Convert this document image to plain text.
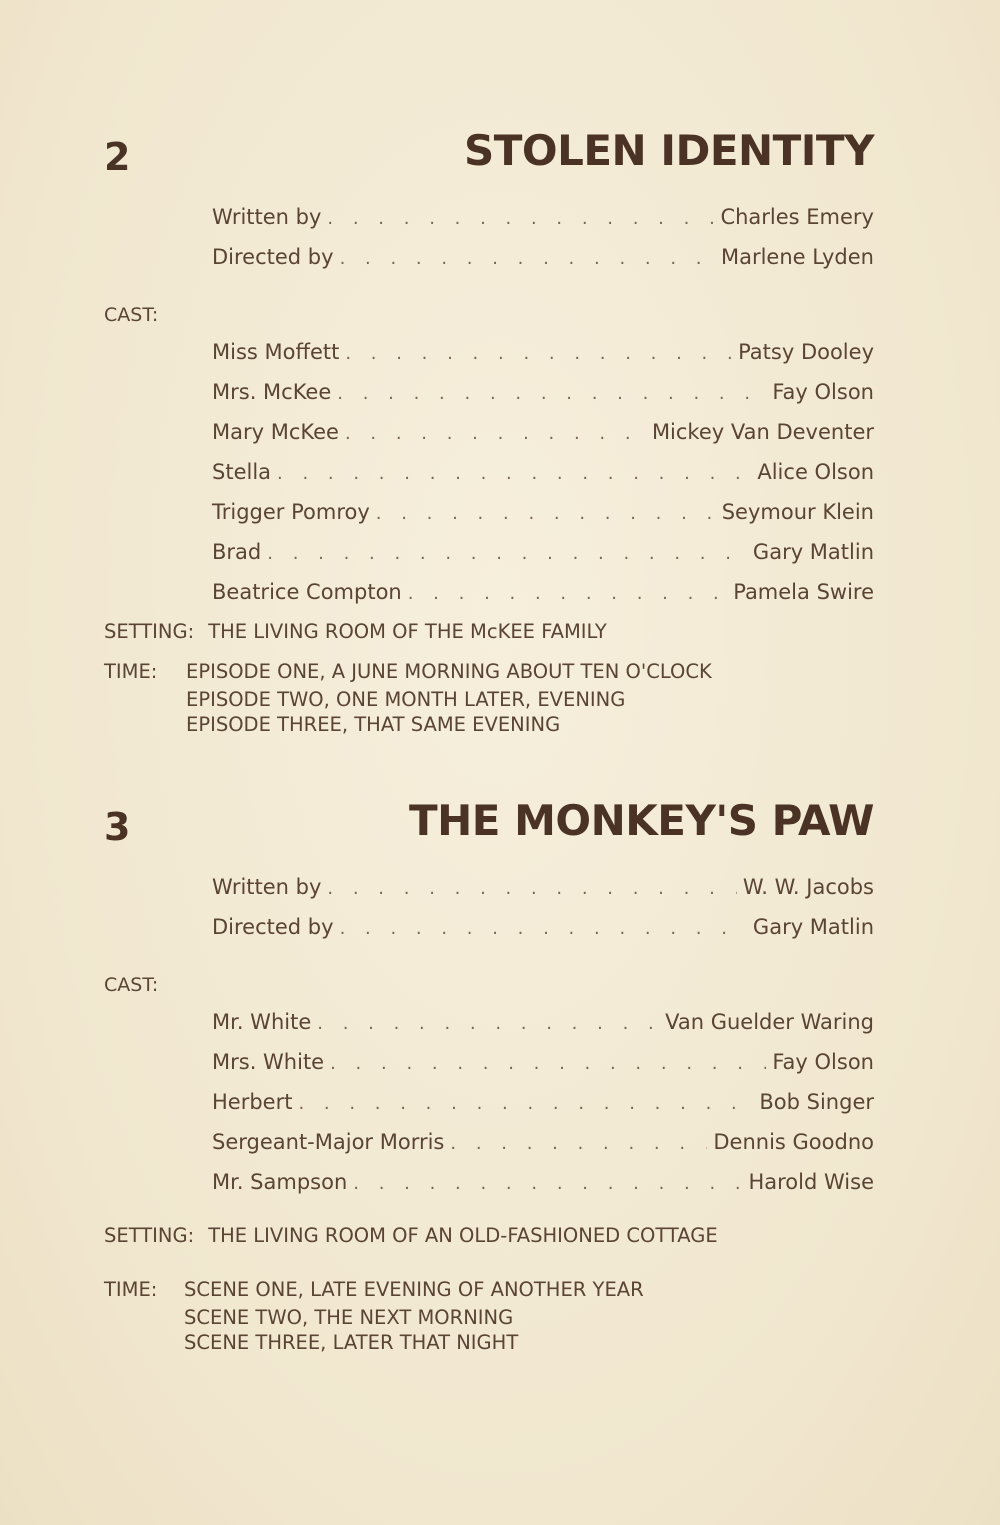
2	STOLEN IDENTITY
Written by . . .	Charles Emery
Directed by . . .	Marlene Lyden
CAST:
Miss Moffett . . .	Patsy Dooley
Mrs. McKee . . .	Fay Olson
Mary McKee . . .	Mickey Van Deventer
Stella . . .	Alice Olson
Trigger Pomroy . . .	Seymour Klein
Brad . . .	Gary Matlin
Beatrice Compton . . .	Pamela Swire
SETTING: THE LIVING ROOM OF THE McKEE FAMILY
TIME: EPISODE ONE, A JUNE MORNING ABOUT TEN O'CLOCK
EPISODE TWO, ONE MONTH LATER, EVENING
EPISODE THREE, THAT SAME EVENING
3	THE MONKEY'S PAW
Written by . . .	W. W. Jacobs
Directed by . . .	Gary Matlin
CAST:
Mr. White . . .	Van Guelder Waring
Mrs. White . . .	Fay Olson
Herbert . . .	Bob Singer
Sergeant-Major Morris . . .	Dennis Goodno
Mr. Sampson . . .	Harold Wise
SETTING: THE LIVING ROOM OF AN OLD-FASHIONED COTTAGE
TIME: SCENE ONE, LATE EVENING OF ANOTHER YEAR
SCENE TWO, THE NEXT MORNING
SCENE THREE, LATER THAT NIGHT
